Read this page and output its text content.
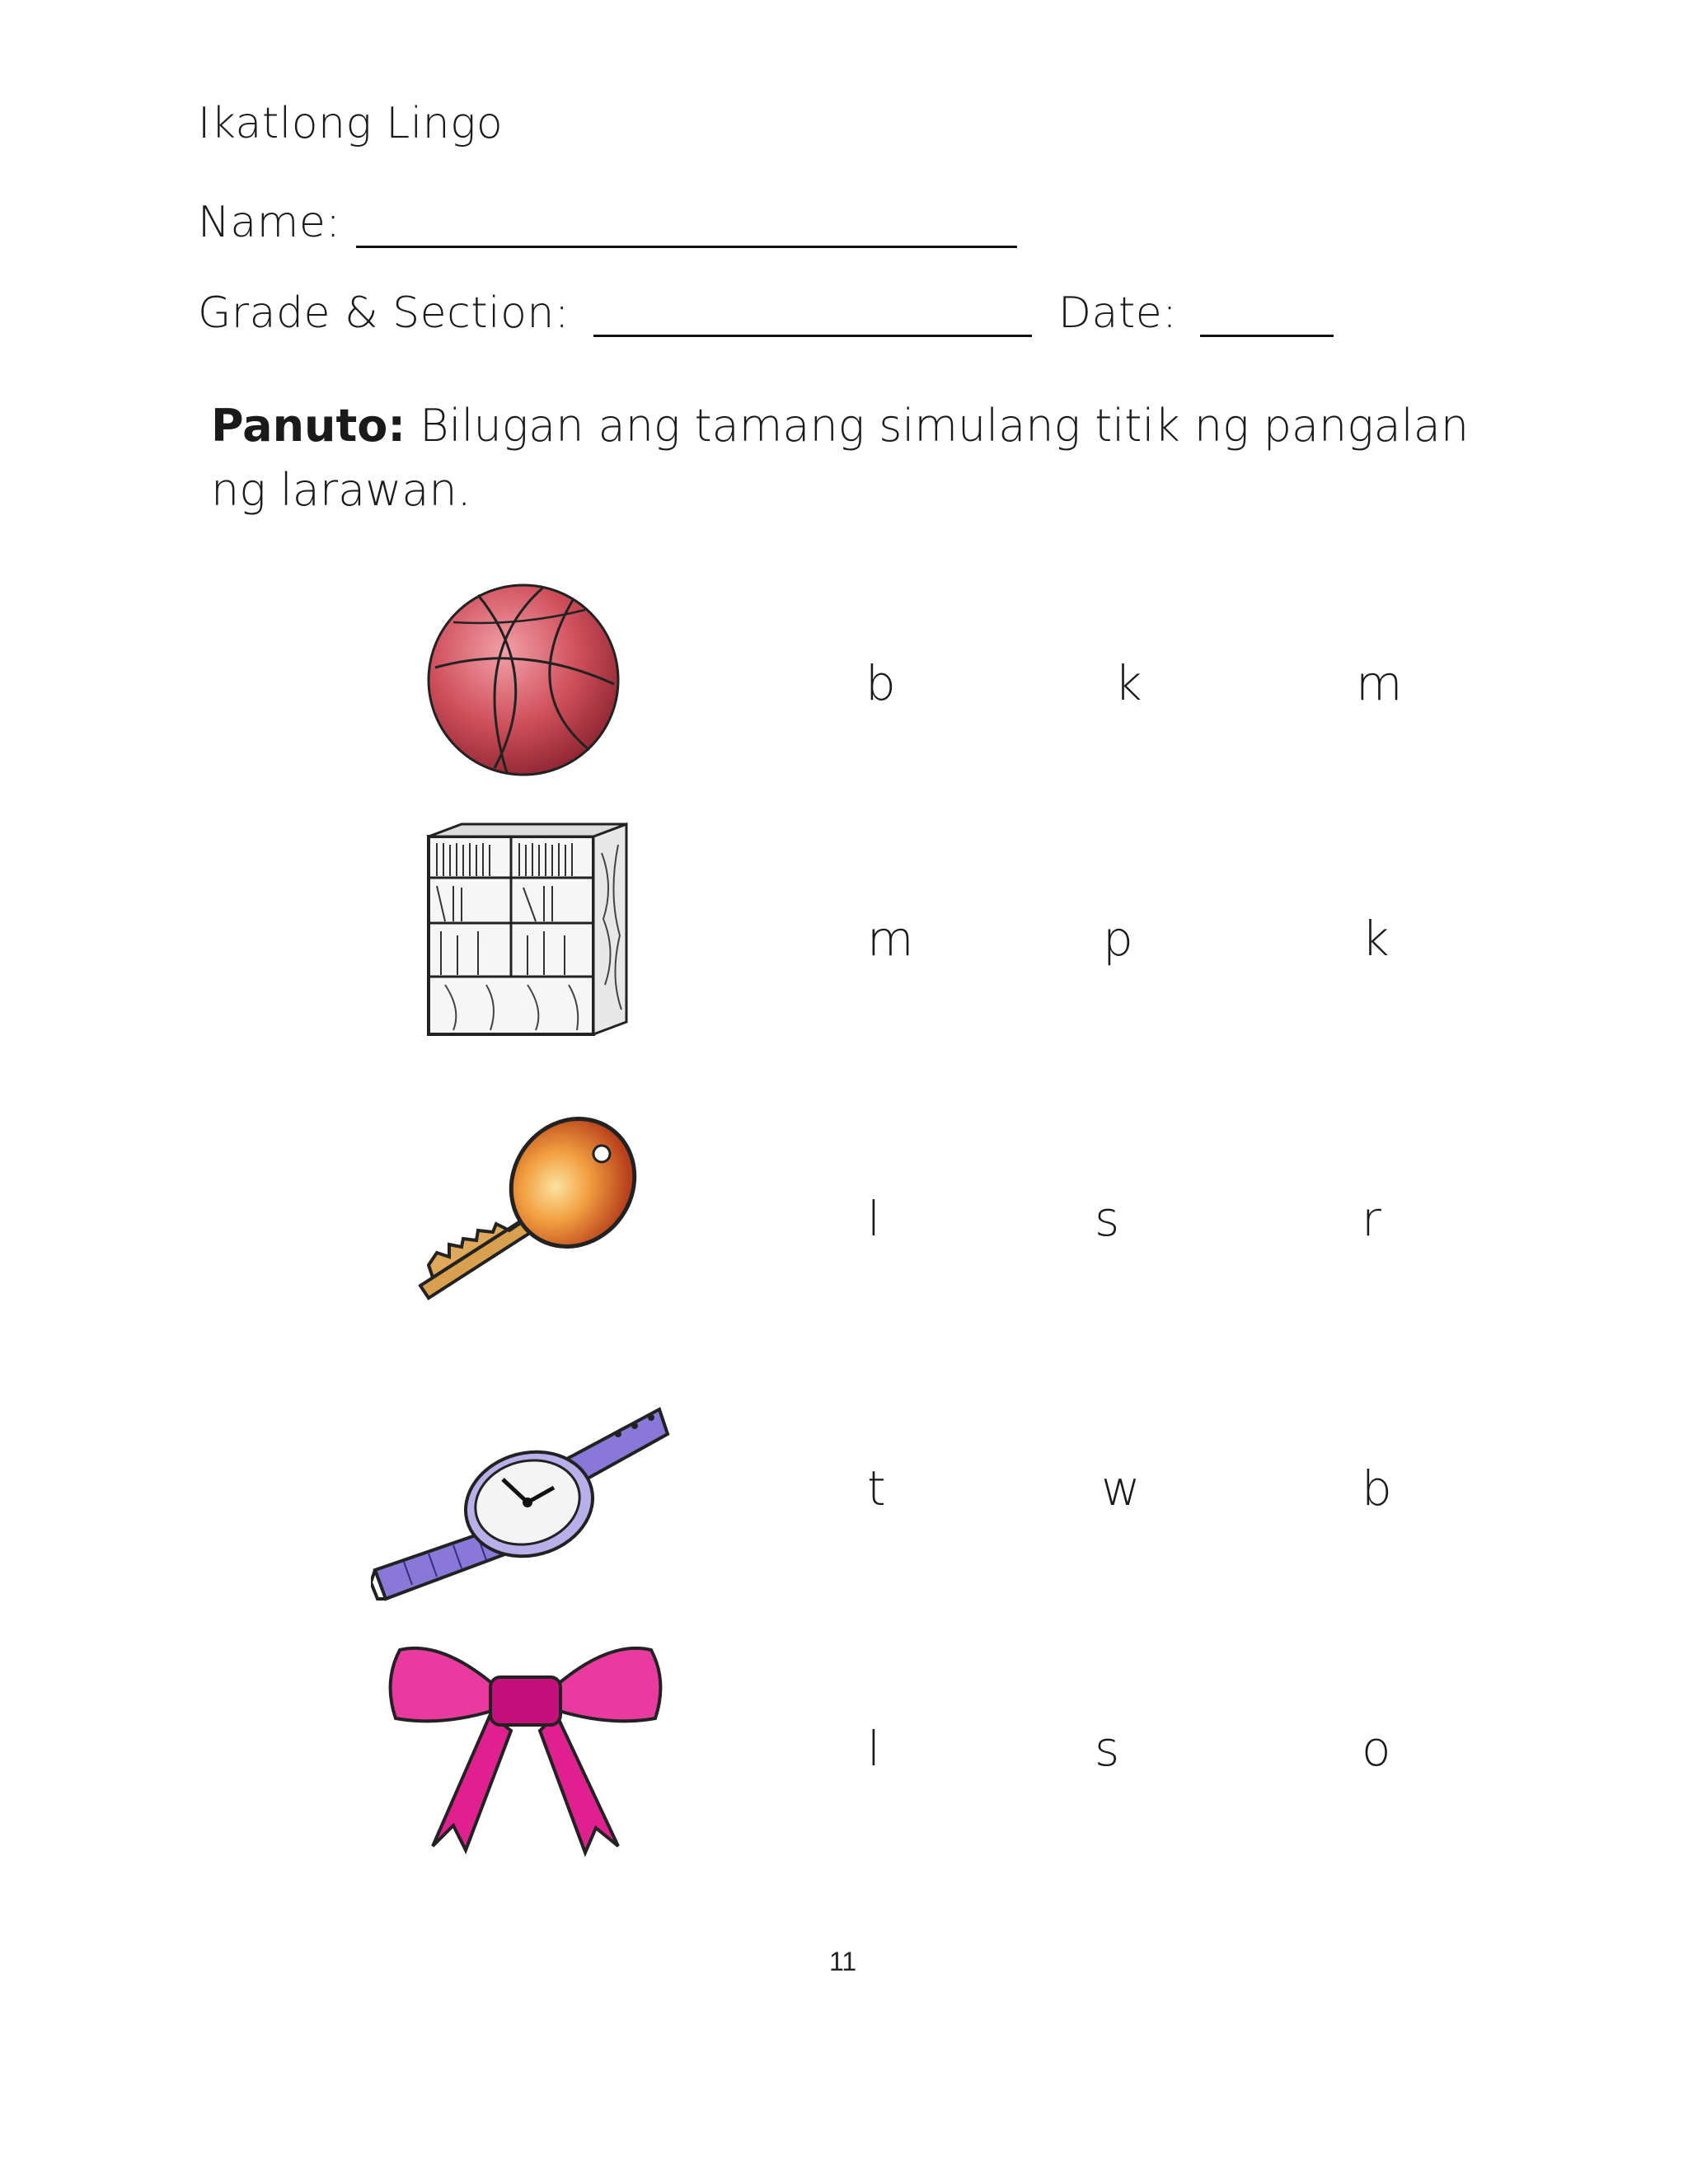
Ikatlong Lingo
Name:
Grade & Section:	Date:
Panuto: Bilugan ang tamang simulang titik ng pangalan ng larawan.
b	k	m
m	p	k
l	s	r
t	w	b
l	s	o
11
